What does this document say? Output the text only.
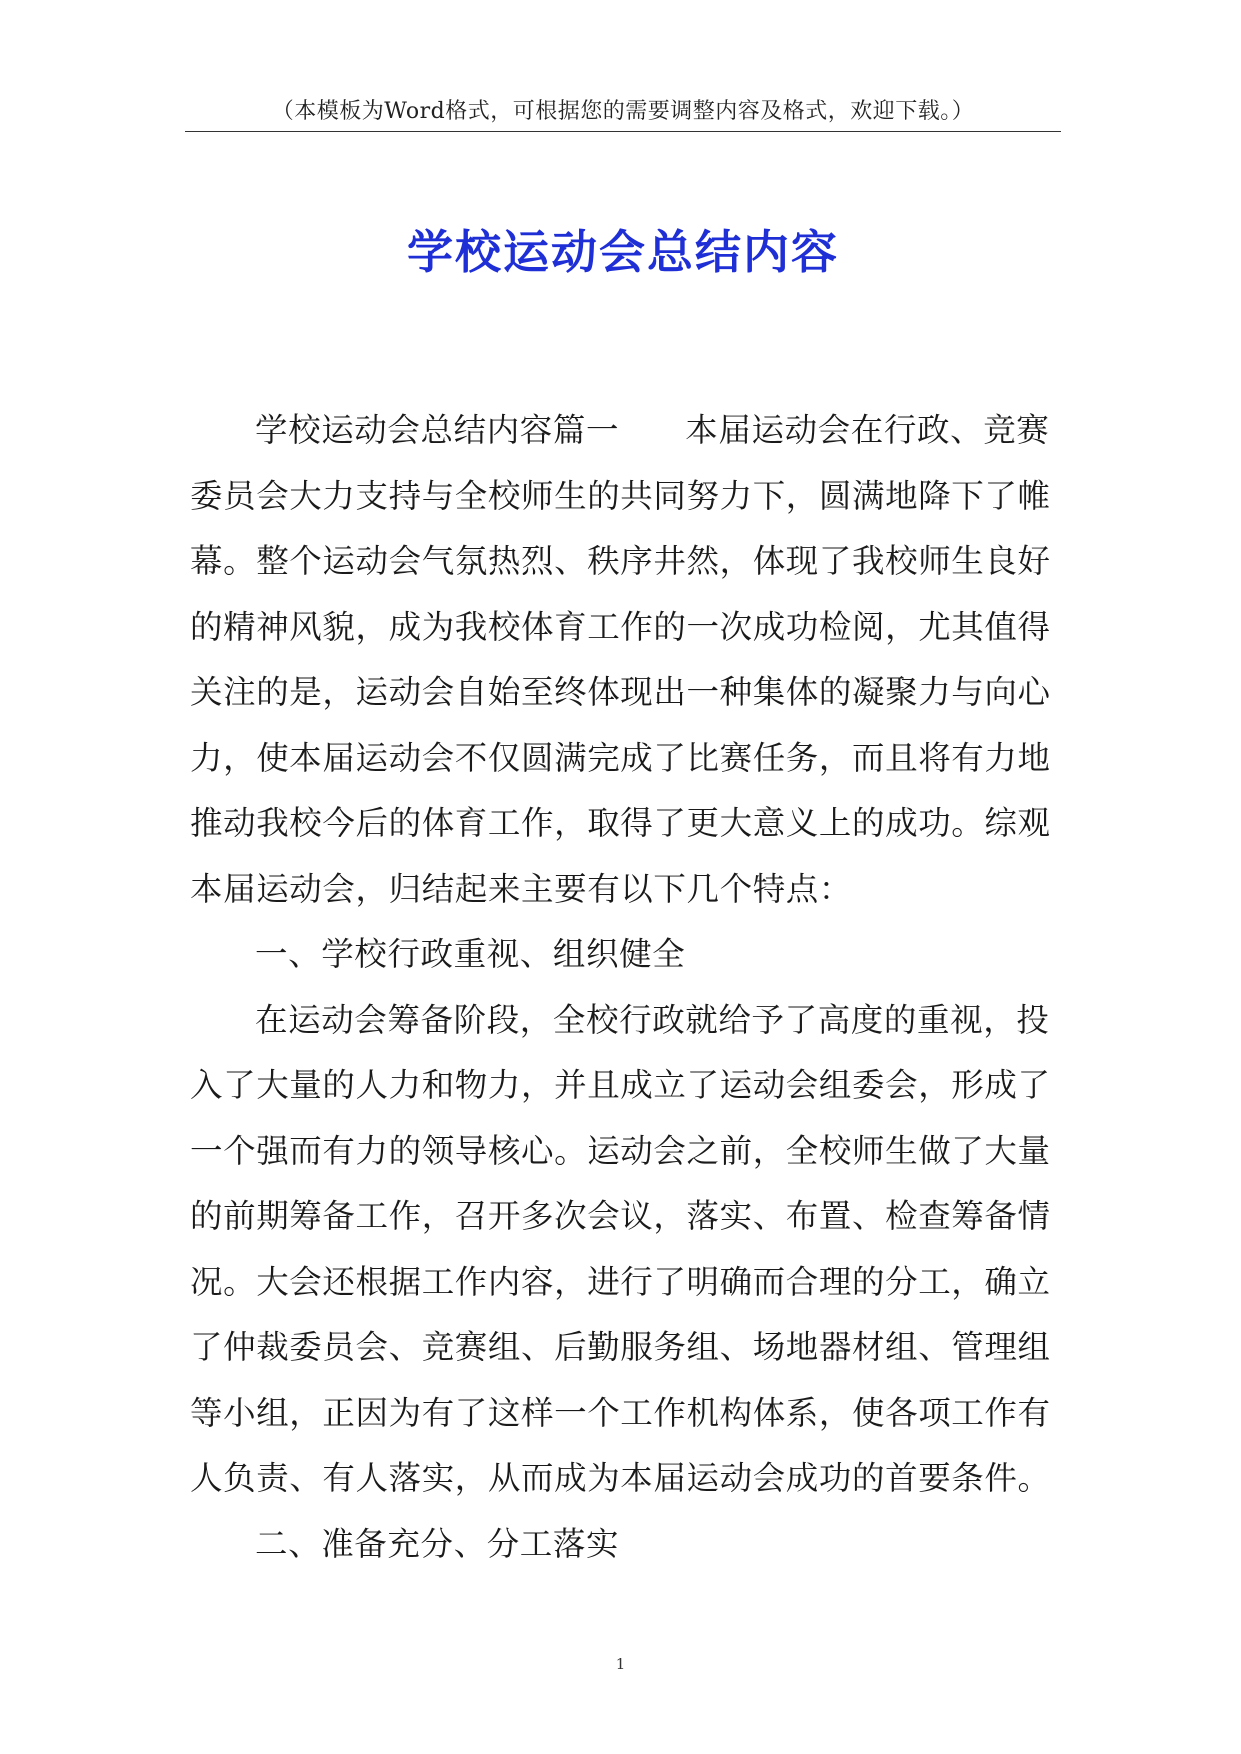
（本模板为Word格式，可根据您的需要调整内容及格式，欢迎下载。）
学校运动会总结内容

学校运动会总结内容篇一　　本届运动会在行政、竞赛委员会大力支持与全校师生的共同努力下，圆满地降下了帷幕。整个运动会气氛热烈、秩序井然，体现了我校师生良好的精神风貌，成为我校体育工作的一次成功检阅，尤其值得关注的是，运动会自始至终体现出一种集体的凝聚力与向心力，使本届运动会不仅圆满完成了比赛任务，而且将有力地推动我校今后的体育工作，取得了更大意义上的成功。综观本届运动会，归结起来主要有以下几个特点：

一、学校行政重视、组织健全

在运动会筹备阶段，全校行政就给予了高度的重视，投入了大量的人力和物力，并且成立了运动会组委会，形成了一个强而有力的领导核心。运动会之前，全校师生做了大量的前期筹备工作，召开多次会议，落实、布置、检查筹备情况。大会还根据工作内容，进行了明确而合理的分工，确立了仲裁委员会、竞赛组、后勤服务组、场地器材组、管理组等小组，正因为有了这样一个工作机构体系，使各项工作有人负责、有人落实，从而成为本届运动会成功的首要条件。

二、准备充分、分工落实

1
